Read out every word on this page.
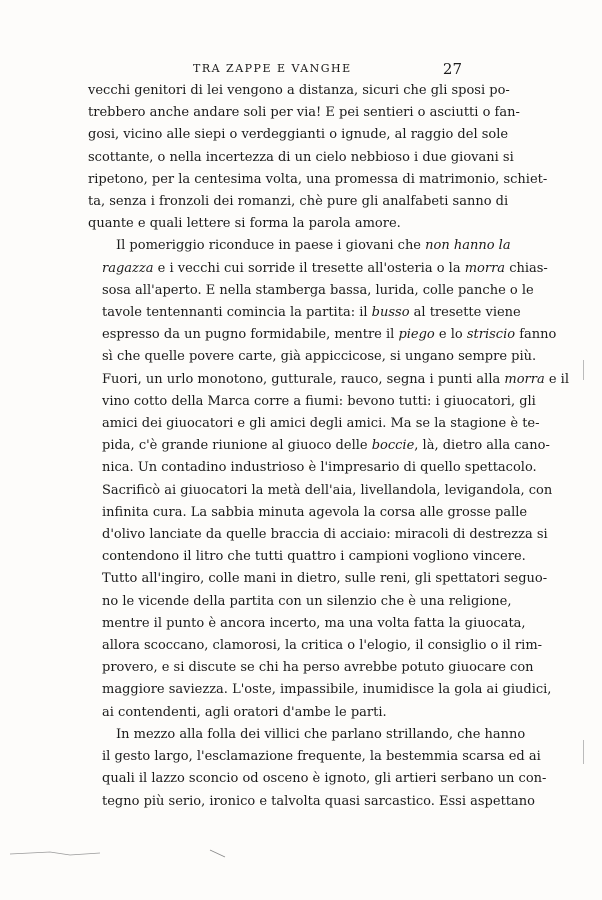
TRA ZAPPE E VANGHE	27
vecchi genitori di lei vengono a distanza, sicuri che gli sposi po-
trebbero anche andare soli per via! E pei sentieri o asciutti o fan-
gosi, vicino alle siepi o verdeggianti o ignude, al raggio del sole
scottante, o nella incertezza di un cielo nebbioso i due giovani si
ripetono, per la centesima volta, una promessa di matrimonio, schiet-
ta, senza i fronzoli dei romanzi, chè pure gli analfabeti sanno di
quante e quali lettere si forma la parola amore.
Il pomeriggio riconduce in paese i giovani che non hanno la
ragazza e i vecchi cui sorride il tresette all'osteria o la morra chias-
sosa all'aperto. E nella stamberga bassa, lurida, colle panche o le
tavole tentennanti comincia la partita: il busso al tresette viene
espresso da un pugno formidabile, mentre il piego e lo striscio fanno
sì che quelle povere carte, già appiccicose, si ungano sempre più.
Fuori, un urlo monotono, gutturale, rauco, segna i punti alla morra e il
vino cotto della Marca corre a fiumi: bevono tutti: i giuocatori, gli
amici dei giuocatori e gli amici degli amici. Ma se la stagione è te-
pida, c'è grande riunione al giuoco delle boccie, là, dietro alla cano-
nica. Un contadino industrioso è l'impresario di quello spettacolo.
Sacrificò ai giuocatori la metà dell'aia, livellandola, levigandola, con
infinita cura. La sabbia minuta agevola la corsa alle grosse palle
d'olivo lanciate da quelle braccia di acciaio: miracoli di destrezza si
contendono il litro che tutti quattro i campioni vogliono vincere.
Tutto all'ingiro, colle mani in dietro, sulle reni, gli spettatori seguo-
no le vicende della partita con un silenzio che è una religione,
mentre il punto è ancora incerto, ma una volta fatta la giuocata,
allora scoccano, clamorosi, la critica o l'elogio, il consiglio o il rim-
provero, e si discute se chi ha perso avrebbe potuto giuocare con
maggiore saviezza. L'oste, impassibile, inumidisce la gola ai giudici,
ai contendenti, agli oratori d'ambe le parti.
In mezzo alla folla dei villici che parlano strillando, che hanno
il gesto largo, l'esclamazione frequente, la bestemmia scarsa ed ai
quali il lazzo sconcio od osceno è ignoto, gli artieri serbano un con-
tegno più serio, ironico e talvolta quasi sarcastico. Essi aspettano
